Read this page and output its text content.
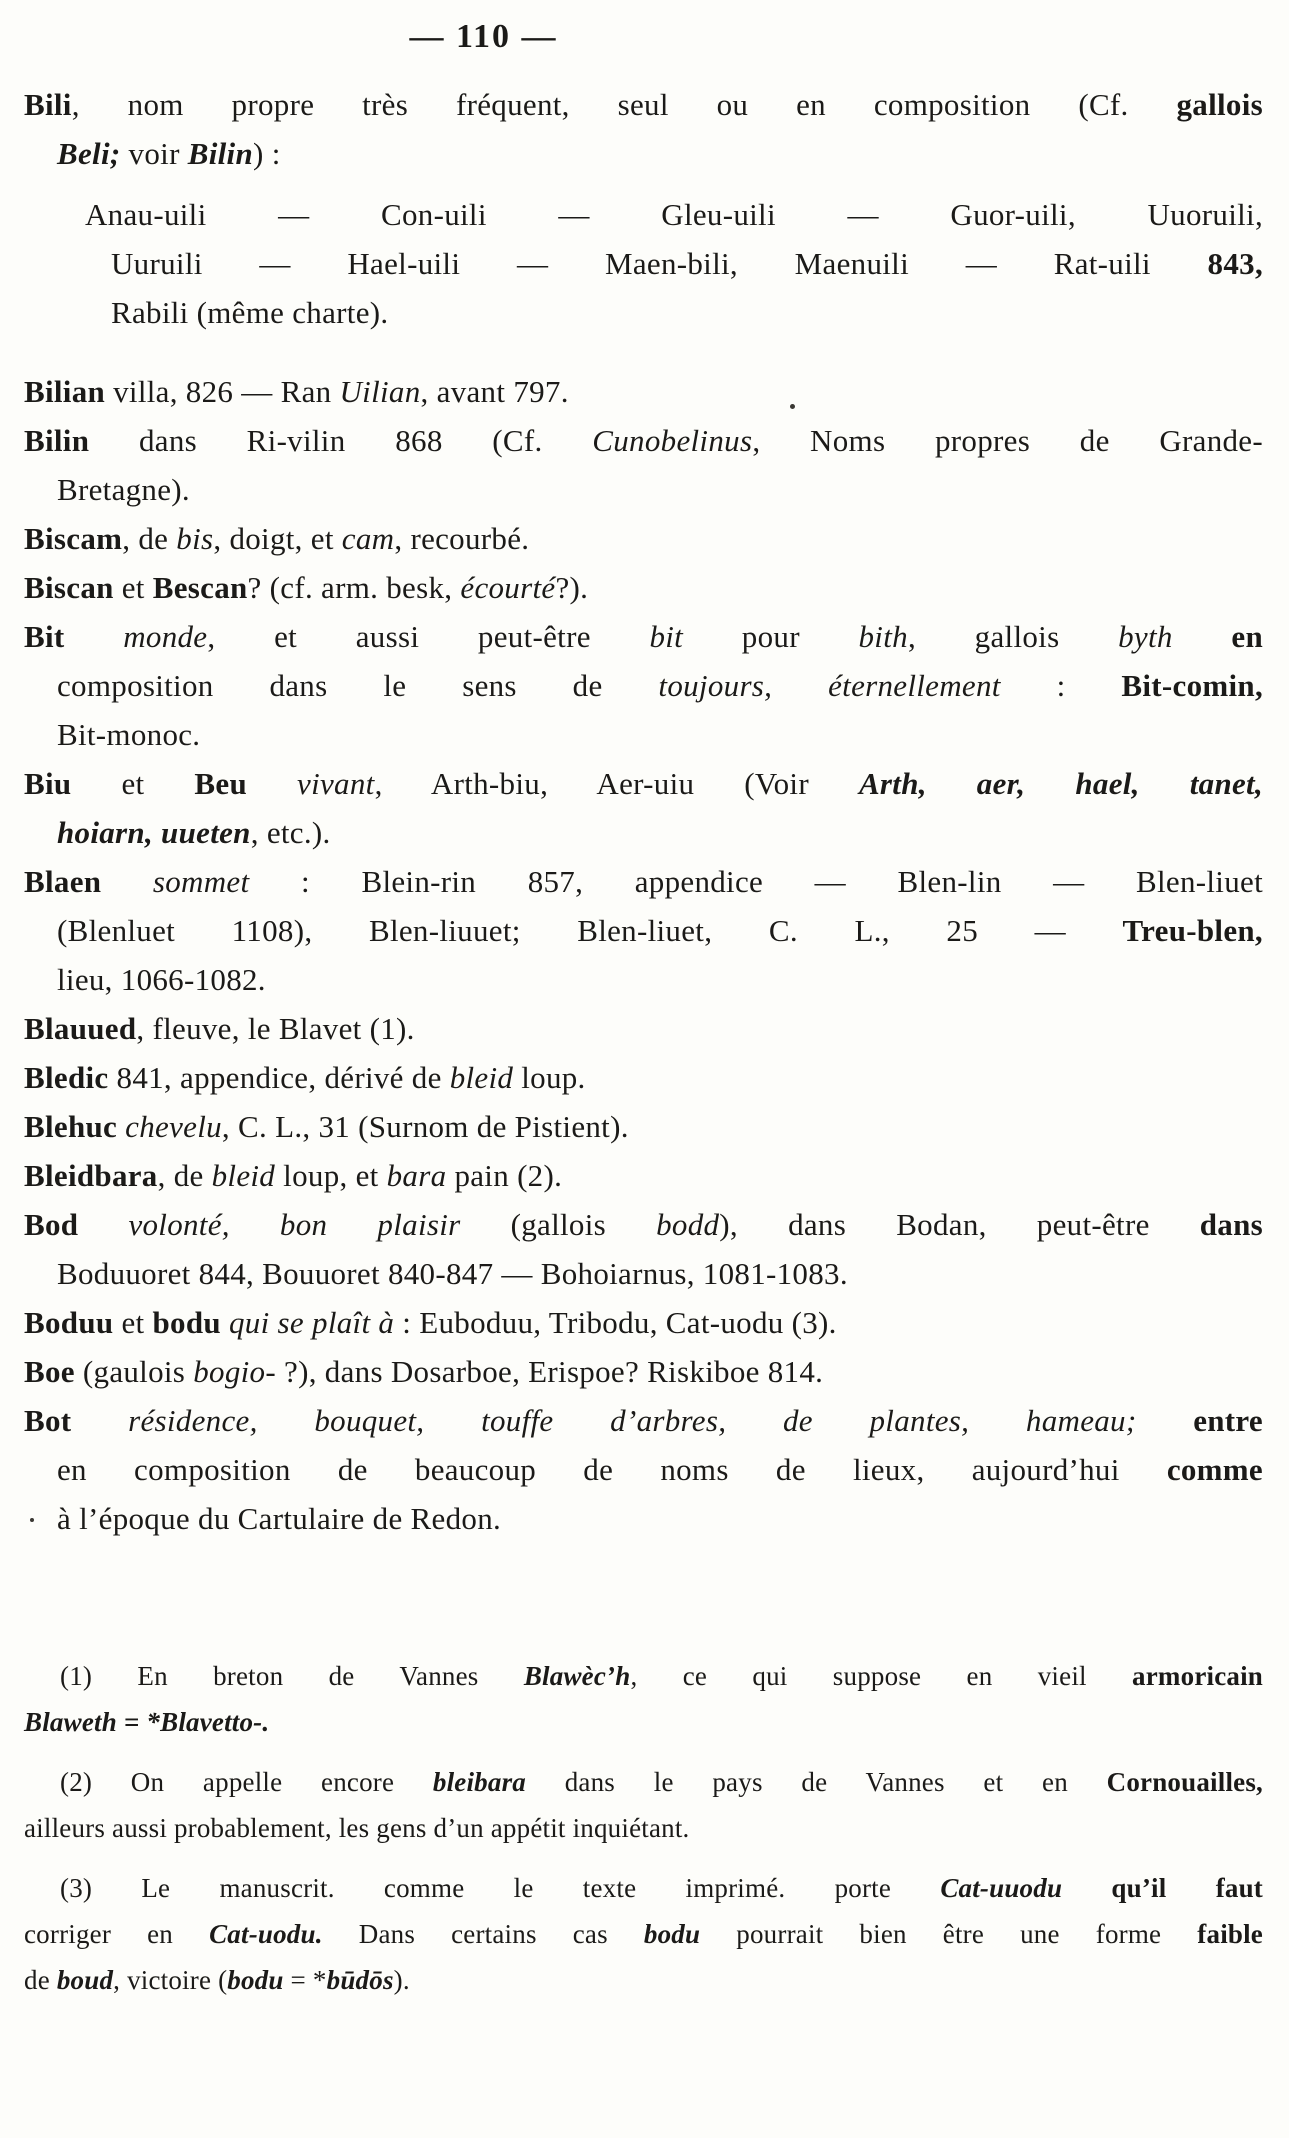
— 110 —
Bili, nom propre très fréquent, seul ou en composition (Cf. gallois
Beli; voir Bilin) :
Anau-uili — Con-uili — Gleu-uili — Guor-uili, Uuoruili,
Uuruili — Hael-uili — Maen-bili, Maenuili — Rat-uili 843,
Rabili (même charte).
Bilian villa, 826 — Ran Uilian, avant 797.
Bilin dans Ri-vilin 868 (Cf. Cunobelinus, Noms propres de Grande-
Bretagne).
Biscam, de bis, doigt, et cam, recourbé.
Biscan et Bescan? (cf. arm. besk, écourté?).
Bit monde, et aussi peut-être bit pour bith, gallois byth en
composition dans le sens de toujours, éternellement : Bit-comin,
Bit-monoc.
Biu et Beu vivant, Arth-biu, Aer-uiu (Voir Arth, aer, hael, tanet,
hoiarn, uueten, etc.).
Blaen sommet : Blein-rin 857, appendice — Blen-lin — Blen-liuet
(Blenluet 1108), Blen-liuuet; Blen-liuet, C. L., 25 — Treu-blen,
lieu, 1066-1082.
Blauued, fleuve, le Blavet (1).
Bledic 841, appendice, dérivé de bleid loup.
Blehuc chevelu, C. L., 31 (Surnom de Pistient).
Bleidbara, de bleid loup, et bara pain (2).
Bod volonté, bon plaisir (gallois bodd), dans Bodan, peut-être dans
Boduuoret 844, Bouuoret 840-847 — Bohoiarnus, 1081-1083.
Boduu et bodu qui se plaît à : Euboduu, Tribodu, Cat-uodu (3).
Boe (gaulois bogio- ?), dans Dosarboe, Erispoe? Riskiboe 814.
Bot résidence, bouquet, touffe d’arbres, de plantes, hameau; entre
en composition de beaucoup de noms de lieux, aujourd’hui comme
à l’époque du Cartulaire de Redon.
(1) En breton de Vannes Blawèc’h, ce qui suppose en vieil armoricain
Blaweth = *Blavetto-.
(2) On appelle encore bleibara dans le pays de Vannes et en Cornouailles,
ailleurs aussi probablement, les gens d’un appétit inquiétant.
(3) Le manuscrit. comme le texte imprimé. porte Cat-uuodu qu’il faut
corriger en Cat-uodu. Dans certains cas bodu pourrait bien être une forme faible
de boud, victoire (bodu = *būdōs).
